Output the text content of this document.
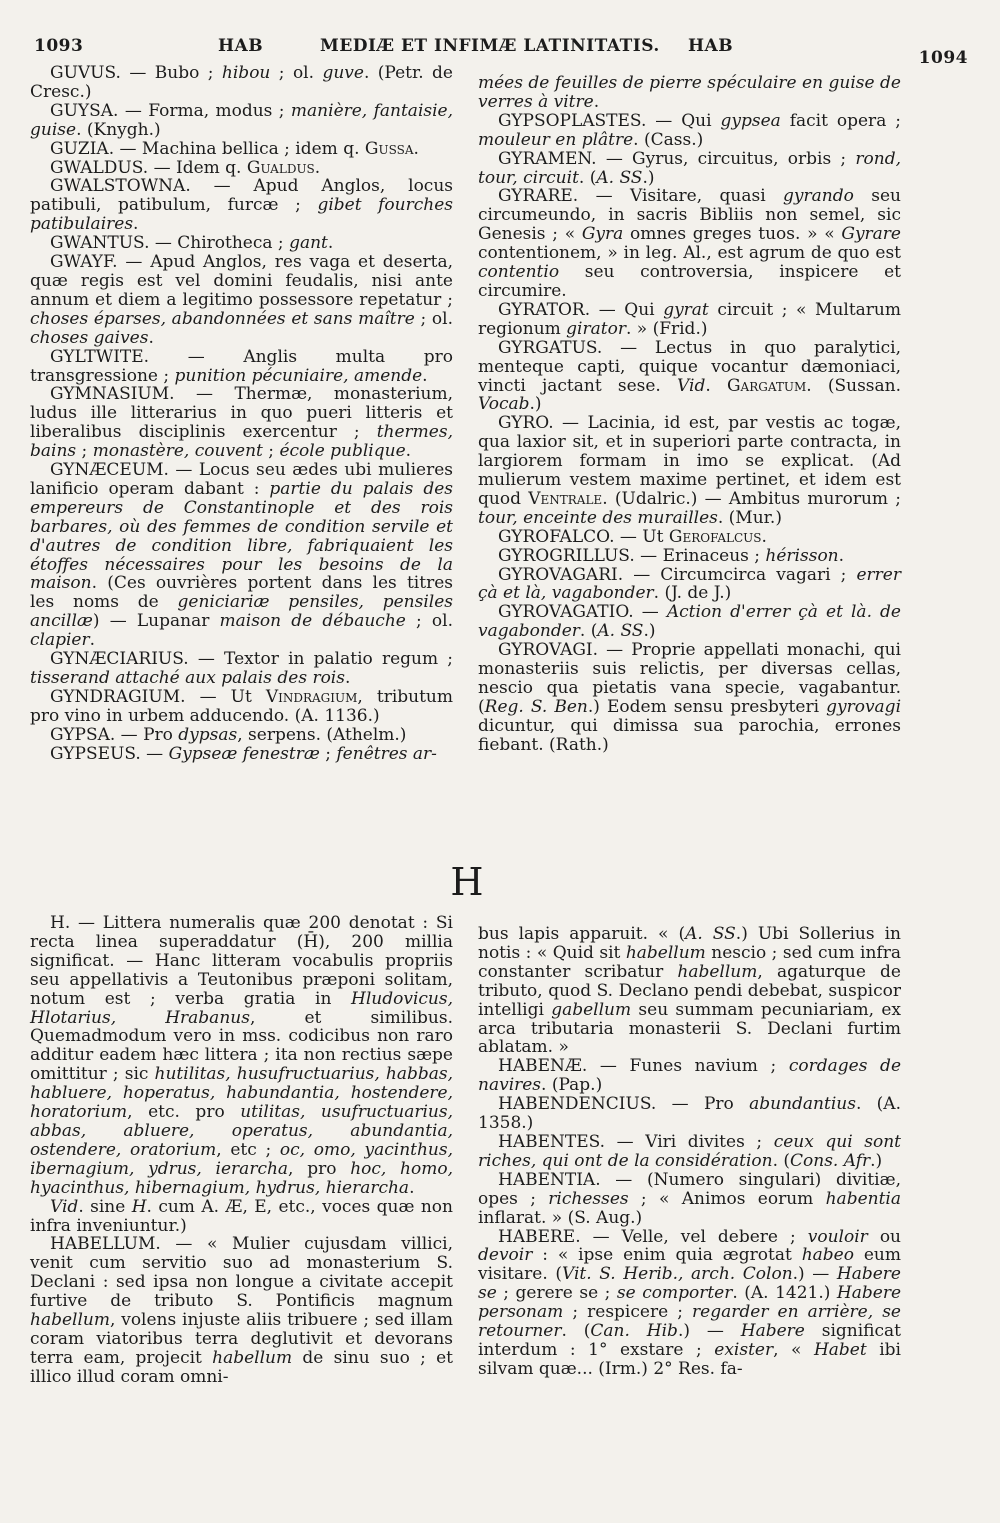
1093	HAB	MEDIÆ ET INFIMÆ LATINITATIS. HAB
1094

GUVUS. — Bubo ; hibou ; ol. guve. (Petr. de Cresc.)

GUYSA. — Forma, modus ; manière, fantaisie, guise. (Knygh.)

GUZIA. — Machina bellica ; idem q. Gussa.

GWALDUS. — Idem q. Gualdus.

GWALSTOWNA. — Apud Anglos, locus patibuli, patibulum, furcæ ; gibet fourches patibulaires.

GWANTUS. — Chirotheca ; gant.

GWAYF. — Apud Anglos, res vaga et deserta, quæ regis est vel domini feudalis, nisi ante annum et diem a legitimo possessore repetatur ; choses éparses, abandonnées et sans maître ; ol. choses gaives.

GYLTWITE. — Anglis multa pro transgressione ; punition pécuniaire, amende.

GYMNASIUM. — Thermæ, monasterium, ludus ille litterarius in quo pueri litteris et liberalibus disciplinis exercentur ; thermes, bains ; monastère, couvent ; école publique.

GYNÆCEUM. — Locus seu ædes ubi mulieres lanificio operam dabant : partie du palais des empereurs de Constantinople et des rois barbares, où des femmes de condition servile et d'autres de condition libre, fabriquaient les étoffes nécessaires pour les besoins de la maison. (Ces ouvrières portent dans les titres les noms de geniciariæ pensiles, pensiles ancillæ) — Lupanar maison de débauche ; ol. clapier.

GYNÆCIARIUS. — Textor in palatio regum ; tisserand attaché aux palais des rois.

GYNDRAGIUM. — Ut Vindragium, tributum pro vino in urbem adducendo. (A. 1136.)

GYPSA. — Pro dypsas, serpens. (Athelm.)

GYPSEUS. — Gypseæ fenestræ ; fenêtres ar-

mées de feuilles de pierre spéculaire en guise de verres à vitre.

GYPSOPLASTES. — Qui gypsea facit opera ; mouleur en plâtre. (Cass.)

GYRAMEN. — Gyrus, circuitus, orbis ; rond, tour, circuit. (A. SS.)

GYRARE. — Visitare, quasi gyrando seu circumeundo, in sacris Bibliis non semel, sic Genesis ; « Gyra omnes greges tuos. » « Gyrare contentionem, » in leg. Al., est agrum de quo est contentio seu controversia, inspicere et circumire.

GYRATOR. — Qui gyrat circuit ; « Multarum regionum girator. » (Frid.)

GYRGATUS. — Lectus in quo paralytici, menteque capti, quique vocantur dæmoniaci, vincti jactant sese. Vid. Gargatum. (Sussan. Vocab.)

GYRO. — Lacinia, id est, par vestis ac togæ, qua laxior sit, et in superiori parte contracta, in largiorem formam in imo se explicat. (Ad mulierum vestem maxime pertinet, et idem est quod Ventrale. (Udalric.) — Ambitus murorum ; tour, enceinte des murailles. (Mur.)

GYROFALCO. — Ut Gerofalcus.

GYROGRILLUS. — Erinaceus ; hérisson.

GYROVAGARI. — Circumcirca vagari ; errer çà et là, vagabonder. (J. de J.)

GYROVAGATIO. — Action d'errer çà et là. de vagabonder. (A. SS.)

GYROVAGI. — Proprie appellati monachi, qui monasteriis suis relictis, per diversas cellas, nescio qua pietatis vana specie, vagabantur. (Reg. S. Ben.) Eodem sensu presbyteri gyrovagi dicuntur, qui dimissa sua parochia, errones fiebant. (Rath.)

H

H. — Littera numeralis quæ 200 denotat : Si recta linea superaddatur (H̄), 200 millia significat. — Hanc litteram vocabulis propriis seu appellativis a Teutonibus præponi solitam, notum est ; verba gratia in Hludovicus, Hlotarius, Hrabanus, et similibus. Quemadmodum vero in mss. codicibus non raro additur eadem hæc littera ; ita non rectius sæpe omittitur ; sic hutilitas, husufructuarius, habbas, habluere, hoperatus, habundantia, hostendere, horatorium, etc. pro utilitas, usufructuarius, abbas, abluere, operatus, abundantia, ostendere, oratorium, etc ; oc, omo, yacinthus, ibernagium, ydrus, ierarcha, pro hoc, homo, hyacinthus, hibernagium, hydrus, hierarcha.

Vid. sine H. cum A. Æ, E, etc., voces quæ non infra inveniuntur.)

HABELLUM. — « Mulier cujusdam villici, venit cum servitio suo ad monasterium S. Declani : sed ipsa non longue a civitate accepit furtive de tributo S. Pontificis magnum habellum, volens injuste aliis tribuere ; sed illam coram viatoribus terra deglutivit et devorans terra eam, projecit habellum de sinu suo ; et illico illud coram omni-

bus lapis apparuit. « (A. SS.) Ubi Sollerius in notis : « Quid sit habellum nescio ; sed cum infra constanter scribatur habellum, agaturque de tributo, quod S. Declano pendi debebat, suspicor intelligi gabellum seu summam pecuniariam, ex arca tributaria monasterii S. Declani furtim ablatam. »

HABENÆ. — Funes navium ; cordages de navires. (Pap.)

HABENDENCIUS. — Pro abundantius. (A. 1358.)

HABENTES. — Viri divites ; ceux qui sont riches, qui ont de la considération. (Cons. Afr.)

HABENTIA. — (Numero singulari) divitiæ, opes ; richesses ; « Animos eorum habentia inflarat. » (S. Aug.)

HABERE. — Velle, vel debere ; vouloir ou devoir : « ipse enim quia ægrotat habeo eum visitare. (Vit. S. Herib., arch. Colon.) — Habere se ; gerere se ; se comporter. (A. 1421.) Habere personam ; respicere ; regarder en arrière, se retourner. (Can. Hib.) — Habere significat interdum : 1° exstare ; exister, « Habet ibi silvam quæ... (Irm.) 2° Res. fa-
